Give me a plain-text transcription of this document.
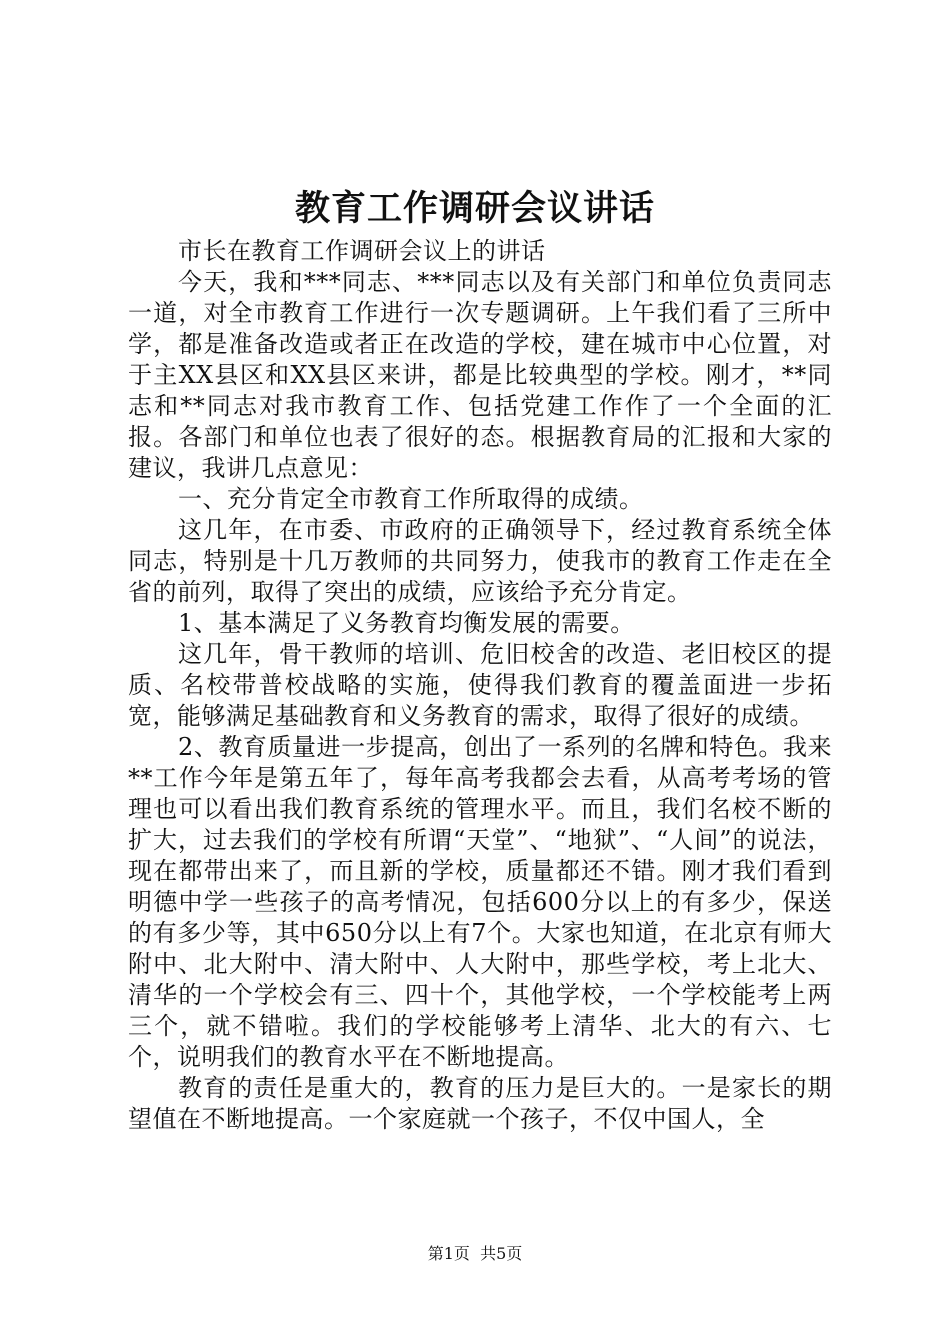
教育工作调研会议讲话

市长在教育工作调研会议上的讲话

今天，我和***同志、***同志以及有关部门和单位负责同志一道，对全市教育工作进行一次专题调研。上午我们看了三所中学，都是准备改造或者正在改造的学校，建在城市中心位置，对于主XX县区和XX县区来讲，都是比较典型的学校。刚才，**同志和**同志对我市教育工作、包括党建工作作了一个全面的汇报。各部门和单位也表了很好的态。根据教育局的汇报和大家的建议，我讲几点意见：

一、充分肯定全市教育工作所取得的成绩。

这几年，在市委、市政府的正确领导下，经过教育系统全体同志，特别是十几万教师的共同努力，使我市的教育工作走在全省的前列，取得了突出的成绩，应该给予充分肯定。

1、基本满足了义务教育均衡发展的需要。

这几年，骨干教师的培训、危旧校舍的改造、老旧校区的提质、名校带普校战略的实施，使得我们教育的覆盖面进一步拓宽，能够满足基础教育和义务教育的需求，取得了很好的成绩。

2、教育质量进一步提高，创出了一系列的名牌和特色。我来**工作今年是第五年了，每年高考我都会去看，从高考考场的管理也可以看出我们教育系统的管理水平。而且，我们名校不断的扩大，过去我们的学校有所谓“天堂”、“地狱”、“人间”的说法，现在都带出来了，而且新的学校，质量都还不错。刚才我们看到明德中学一些孩子的高考情况，包括600分以上的有多少，保送的有多少等，其中650分以上有7个。大家也知道，在北京有师大附中、北大附中、清大附中、人大附中，那些学校，考上北大、清华的一个学校会有三、四十个，其他学校，一个学校能考上两三个，就不错啦。我们的学校能够考上清华、北大的有六、七个，说明我们的教育水平在不断地提高。

教育的责任是重大的，教育的压力是巨大的。一是家长的期望值在不断地提高。一个家庭就一个孩子，不仅中国人，全

第1页  共5页
